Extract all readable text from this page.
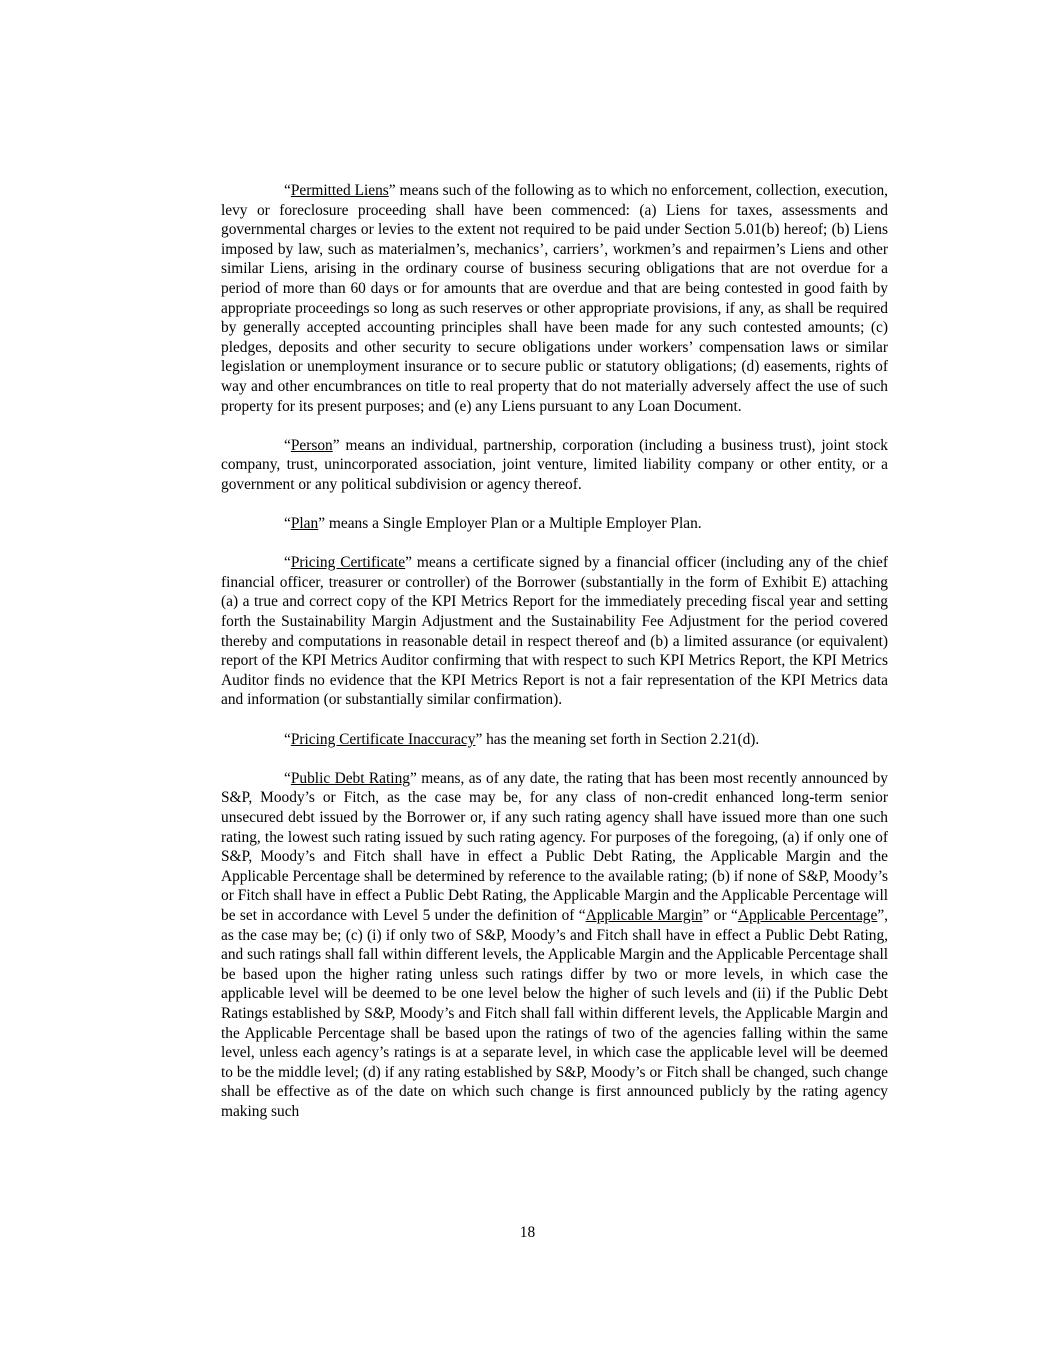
“Permitted Liens” means such of the following as to which no enforcement, collection, execution, levy or foreclosure proceeding shall have been commenced: (a) Liens for taxes, assessments and governmental charges or levies to the extent not required to be paid under Section 5.01(b) hereof; (b) Liens imposed by law, such as materialmen’s, mechanics’, carriers’, workmen’s and repairmen’s Liens and other similar Liens, arising in the ordinary course of business securing obligations that are not overdue for a period of more than 60 days or for amounts that are overdue and that are being contested in good faith by appropriate proceedings so long as such reserves or other appropriate provisions, if any, as shall be required by generally accepted accounting principles shall have been made for any such contested amounts; (c) pledges, deposits and other security to secure obligations under workers’ compensation laws or similar legislation or unemployment insurance or to secure public or statutory obligations; (d) easements, rights of way and other encumbrances on title to real property that do not materially adversely affect the use of such property for its present purposes; and (e) any Liens pursuant to any Loan Document.

“Person” means an individual, partnership, corporation (including a business trust), joint stock company, trust, unincorporated association, joint venture, limited liability company or other entity, or a government or any political subdivision or agency thereof.

“Plan” means a Single Employer Plan or a Multiple Employer Plan.

“Pricing Certificate” means a certificate signed by a financial officer (including any of the chief financial officer, treasurer or controller) of the Borrower (substantially in the form of Exhibit E) attaching (a) a true and correct copy of the KPI Metrics Report for the immediately preceding fiscal year and setting forth the Sustainability Margin Adjustment and the Sustainability Fee Adjustment for the period covered thereby and computations in reasonable detail in respect thereof and (b) a limited assurance (or equivalent) report of the KPI Metrics Auditor confirming that with respect to such KPI Metrics Report, the KPI Metrics Auditor finds no evidence that the KPI Metrics Report is not a fair representation of the KPI Metrics data and information (or substantially similar confirmation).

“Pricing Certificate Inaccuracy” has the meaning set forth in Section 2.21(d).

“Public Debt Rating” means, as of any date, the rating that has been most recently announced by S&P, Moody’s or Fitch, as the case may be, for any class of non-credit enhanced long-term senior unsecured debt issued by the Borrower or, if any such rating agency shall have issued more than one such rating, the lowest such rating issued by such rating agency. For purposes of the foregoing, (a) if only one of S&P, Moody’s and Fitch shall have in effect a Public Debt Rating, the Applicable Margin and the Applicable Percentage shall be determined by reference to the available rating; (b) if none of S&P, Moody’s or Fitch shall have in effect a Public Debt Rating, the Applicable Margin and the Applicable Percentage will be set in accordance with Level 5 under the definition of “Applicable Margin” or “Applicable Percentage”, as the case may be; (c) (i) if only two of S&P, Moody’s and Fitch shall have in effect a Public Debt Rating, and such ratings shall fall within different levels, the Applicable Margin and the Applicable Percentage shall be based upon the higher rating unless such ratings differ by two or more levels, in which case the applicable level will be deemed to be one level below the higher of such levels and (ii) if the Public Debt Ratings established by S&P, Moody’s and Fitch shall fall within different levels, the Applicable Margin and the Applicable Percentage shall be based upon the ratings of two of the agencies falling within the same level, unless each agency’s ratings is at a separate level, in which case the applicable level will be deemed to be the middle level; (d) if any rating established by S&P, Moody’s or Fitch shall be changed, such change shall be effective as of the date on which such change is first announced publicly by the rating agency making such

18
